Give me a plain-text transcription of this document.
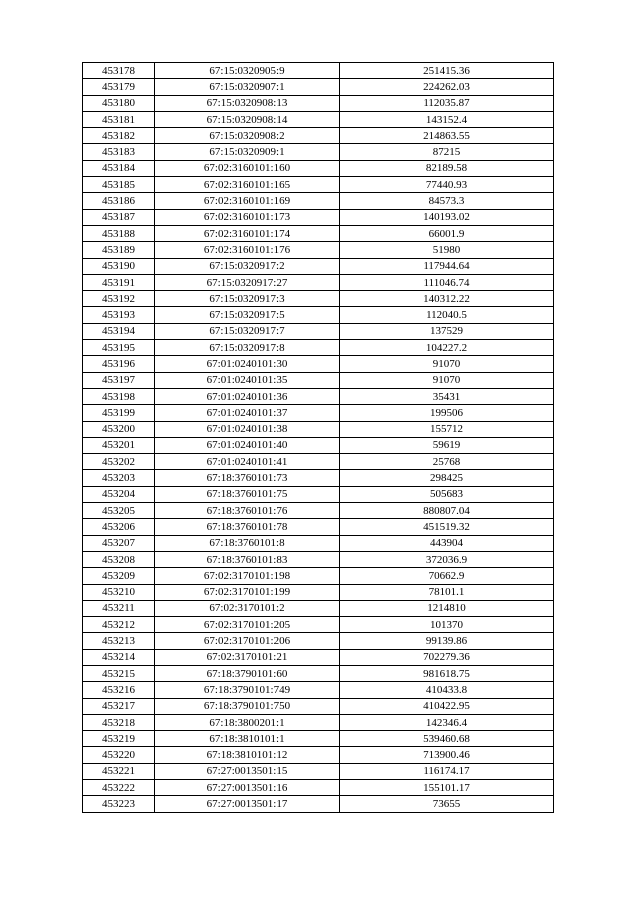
453178	67:15:0320905:9	251415.36
453179	67:15:0320907:1	224262.03
453180	67:15:0320908:13	112035.87
453181	67:15:0320908:14	143152.4
453182	67:15:0320908:2	214863.55
453183	67:15:0320909:1	87215
453184	67:02:3160101:160	82189.58
453185	67:02:3160101:165	77440.93
453186	67:02:3160101:169	84573.3
453187	67:02:3160101:173	140193.02
453188	67:02:3160101:174	66001.9
453189	67:02:3160101:176	51980
453190	67:15:0320917:2	117944.64
453191	67:15:0320917:27	111046.74
453192	67:15:0320917:3	140312.22
453193	67:15:0320917:5	112040.5
453194	67:15:0320917:7	137529
453195	67:15:0320917:8	104227.2
453196	67:01:0240101:30	91070
453197	67:01:0240101:35	91070
453198	67:01:0240101:36	35431
453199	67:01:0240101:37	199506
453200	67:01:0240101:38	155712
453201	67:01:0240101:40	59619
453202	67:01:0240101:41	25768
453203	67:18:3760101:73	298425
453204	67:18:3760101:75	505683
453205	67:18:3760101:76	880807.04
453206	67:18:3760101:78	451519.32
453207	67:18:3760101:8	443904
453208	67:18:3760101:83	372036.9
453209	67:02:3170101:198	70662.9
453210	67:02:3170101:199	78101.1
453211	67:02:3170101:2	1214810
453212	67:02:3170101:205	101370
453213	67:02:3170101:206	99139.86
453214	67:02:3170101:21	702279.36
453215	67:18:3790101:60	981618.75
453216	67:18:3790101:749	410433.8
453217	67:18:3790101:750	410422.95
453218	67:18:3800201:1	142346.4
453219	67:18:3810101:1	539460.68
453220	67:18:3810101:12	713900.46
453221	67:27:0013501:15	116174.17
453222	67:27:0013501:16	155101.17
453223	67:27:0013501:17	73655
